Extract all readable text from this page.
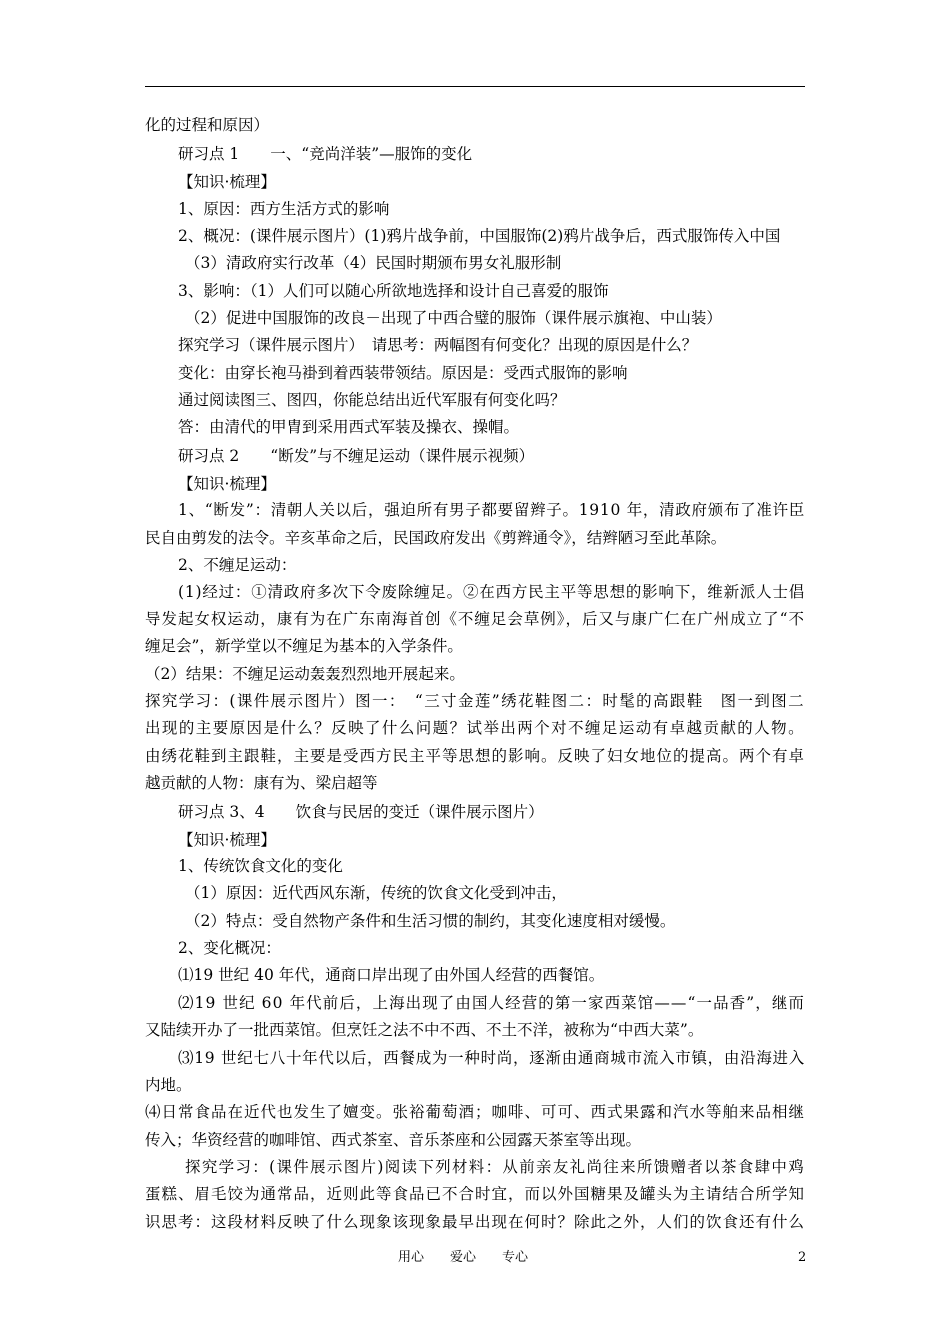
化的过程和原因）
研习点 1　　一、“竞尚洋装”—服饰的变化
【知识·梳理】
1、原因：西方生活方式的影响
2、概况：(课件展示图片）(1)鸦片战争前，中国服饰(2)鸦片战争后，西式服饰传入中国
（3）清政府实行改革（4）民国时期颁布男女礼服形制
3、影响：（1）人们可以随心所欲地选择和设计自己喜爱的服饰
（2）促进中国服饰的改良－出现了中西合璧的服饰（课件展示旗袍、中山装）
探究学习（课件展示图片）　请思考：两幅图有何变化？出现的原因是什么？
变化：由穿长袍马褂到着西装带领结。原因是：受西式服饰的影响
通过阅读图三、图四，你能总结出近代军服有何变化吗？
答：由清代的甲胄到采用西式军装及操衣、操帽。
研习点 2　　“断发”与不缠足运动（课件展示视频）
【知识·梳理】
1、“断发”：清朝人关以后，强迫所有男子都要留辫子。1910 年，清政府颁布了准许臣
民自由剪发的法令。辛亥革命之后，民国政府发出《剪辫通令》，结辫陋习至此革除。
2、不缠足运动：
(1)经过：①清政府多次下令废除缠足。②在西方民主平等思想的影响下，维新派人士倡
导发起女权运动，康有为在广东南海首创《不缠足会草例》，后又与康广仁在广州成立了“不
缠足会”，新学堂以不缠足为基本的入学条件。
（2）结果：不缠足运动轰轰烈烈地开展起来。
探究学习：(课件展示图片）图一：　“三寸金莲”绣花鞋图二：时髦的高跟鞋　图一到图二
出现的主要原因是什么？反映了什么问题？试举出两个对不缠足运动有卓越贡献的人物。
由绣花鞋到主跟鞋，主要是受西方民主平等思想的影响。反映了妇女地位的提高。两个有卓
越贡献的人物：康有为、梁启超等
研习点 3、4　　饮食与民居的变迁（课件展示图片）
【知识·梳理】
1、传统饮食文化的变化
（1）原因：近代西风东渐，传统的饮食文化受到冲击，
（2）特点：受自然物产条件和生活习惯的制约，其变化速度相对缓慢。
2、变化概况：
⑴19 世纪 40 年代，通商口岸出现了由外国人经营的西餐馆。
⑵19 世纪 60 年代前后，上海出现了由国人经营的第一家西菜馆——“一品香”，继而
又陆续开办了一批西菜馆。但烹饪之法不中不西、不土不洋，被称为“中西大菜”。
⑶19 世纪七八十年代以后，西餐成为一种时尚，逐渐由通商城市流入市镇，由沿海进入
内地。
⑷日常食品在近代也发生了嬗变。张裕葡萄酒；咖啡、可可、西式果露和汽水等舶来品相继
传入；华资经营的咖啡馆、西式茶室、音乐茶座和公园露天茶室等出现。
探究学习：(课件展示图片)阅读下列材料：从前亲友礼尚往来所馈赠者以茶食肆中鸡
蛋糕、眉毛饺为通常品，近则此等食品已不合时宜，而以外国糖果及罐头为主请结合所学知
识思考：这段材料反映了什么现象该现象最早出现在何时？除此之外，人们的饮食还有什么
用心　　爱心　　专心	2
